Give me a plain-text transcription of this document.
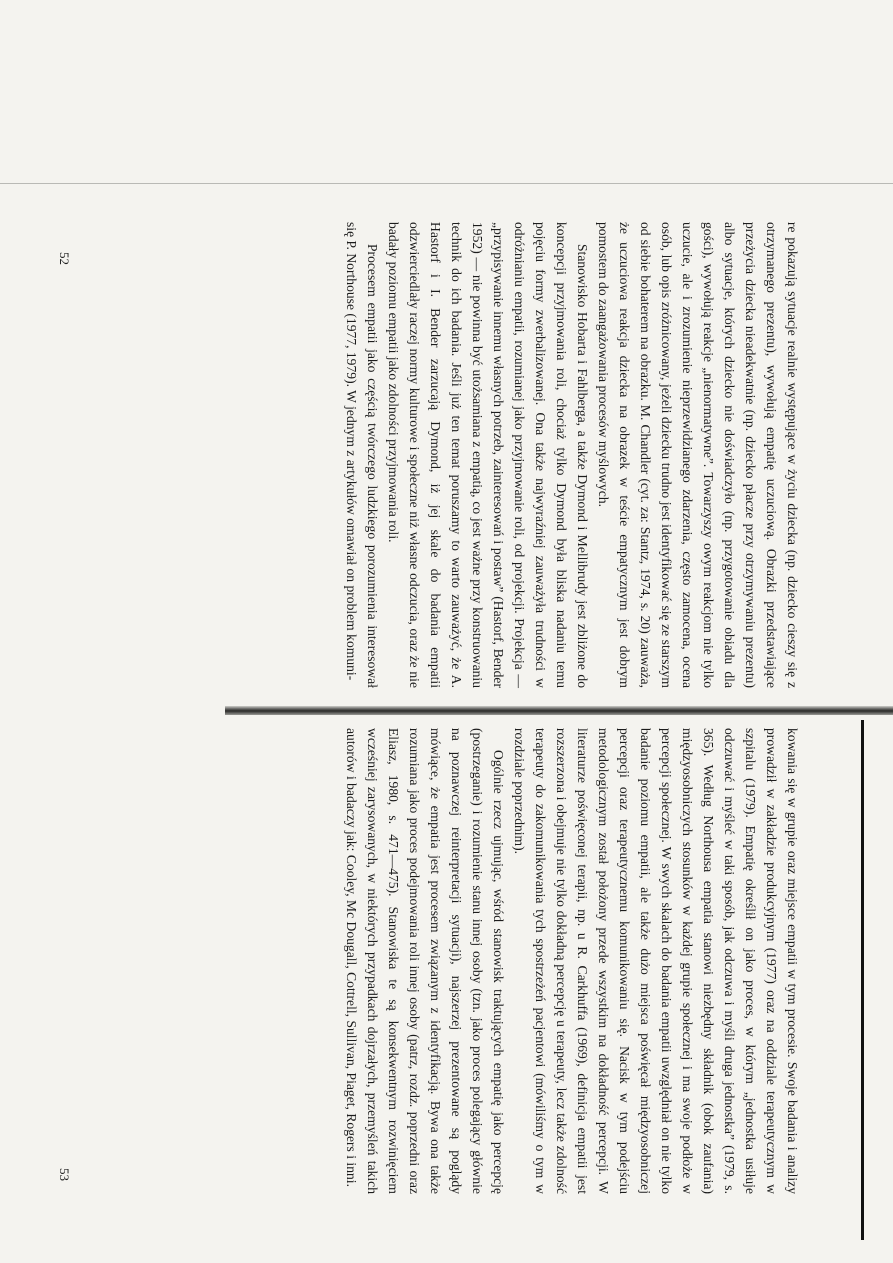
re pokazują sytuacje realnie występujące w życiu dziecka (np. dziecko cieszy się z otrzymanego prezentu), wywołują empatię uczuciową. Obrazki przedstawiające przeżycia dziecka nieadekwatnie (np. dziecko płacze przy otrzymywaniu prezentu) albo sytuacje, których dziecko nie doświadczyło (np. przygotowanie obiadu dla gości), wywołują reakcje „nienormatywne”. Towarzyszy owym reakcjom nie tylko uczucie, ale i zrozumienie nieprzewidzianego zdarzenia, często zamocena, ocena osób, lub opis zróżnicowany, jeżeli dziecku trudno jest identyfikować się ze starszym od siebie bohaterem na obrazku. M. Chandler (cyt. za: Stantz, 1974, s. 20) zauważa, że uczuciowa reakcja dziecka na obrazek w teście empatycznym jest dobrym pomostem do zaangażowania procesów myślowych.

Stanowisko Hobarta i Fahlberga, a także Dymond i Mellibrudy jest zbliżone do koncepcji przyjmowania roli, chociaż tylko Dymond była bliska nadaniu temu pojęciu formy zwerbalizowanej. Ona także najwyraźniej zauważyła trudności w odróżnianiu empatii, rozumianej jako przyjmowanie roli, od projekcji. Projekcja — „przypisywanie innemu własnych potrzeb, zainteresowań i postaw” (Hastorf, Bender 1952) — nie powinna być utożsamiana z empatią, co jest ważne przy konstruowaniu technik do ich badania. Jeśli już ten temat poruszamy to warto zauważyć, że A. Hastorf i I. Bender zarzucają Dymond, iż jej skale do badania empatii odzwierciedlały raczej normy kulturowe i społeczne niż własne odczucia, oraz że nie badały poziomu empatii jako zdolności przyjmowania roli.

Procesem empatii jako częścią twórczego ludzkiego porozumienia interesował się P. Northouse (1977, 1979). W jednym z artykułów omawiał on problem komuni-

kowania się w grupie oraz miejsce empatii w tym procesie. Swoje badania i analizy prowadził w zakładzie produkcyjnym (1977) oraz na oddziale terapeutycznym w szpitalu (1979). Empatię określił on jako proces, w którym „jednostka usiłuje odczuwać i myśleć w taki sposób, jak odczuwa i myśli druga jednostka” (1979, s. 365). Według Northousa empatia stanowi niezbędny składnik (obok zaufania) międzyosobniczych stosunków w każdej grupie społecznej i ma swoje podłoże w percepcji społecznej. W swych skalach do badania empatii uwzględniał on nie tylko badanie poziomu empatii, ale także dużo miejsca poświęcał międzyosobniczej percepcji oraz terapeutycznemu komunikowaniu się. Nacisk w tym podejściu metodologicznym został położony przede wszystkim na dokładność percepcji. W literaturze poświęconej terapii, np. u R. Carkhuffa (1969), definicja empatii jest rozszerzona i obejmuje nie tylko dokładną percepcję u terapeuty, lecz także zdolność terapeuty do zakomunikowania tych spostrzeżeń pacjentowi (mówiliśmy o tym w rozdziale poprzednim).

Ogólnie rzecz ujmując, wśród stanowisk traktujących empatię jako percepcję (postrzeganie) i rozumienie stanu innej osoby (tzn. jako proces polegający głównie na poznawczej reinterpretacji sytuacji), najszerzej prezentowane są poglądy mówiące, że empatia jest procesem związanym z identyfikacją. Bywa ona także rozumiana jako proces podejmowania roli innej osoby (patrz, rozdz. poprzedni oraz Eliasz, 1980, s. 471—475). Stanowiska te są konsekwentnym rozwinięciem wcześniej zarysowanych, w niektórych przypadkach dojrzałych, przemyśleń takich autorów i badaczy jak: Cooley, Mc Dougall, Cottrell, Sullivan, Piaget, Rogers i inni.

52
53
